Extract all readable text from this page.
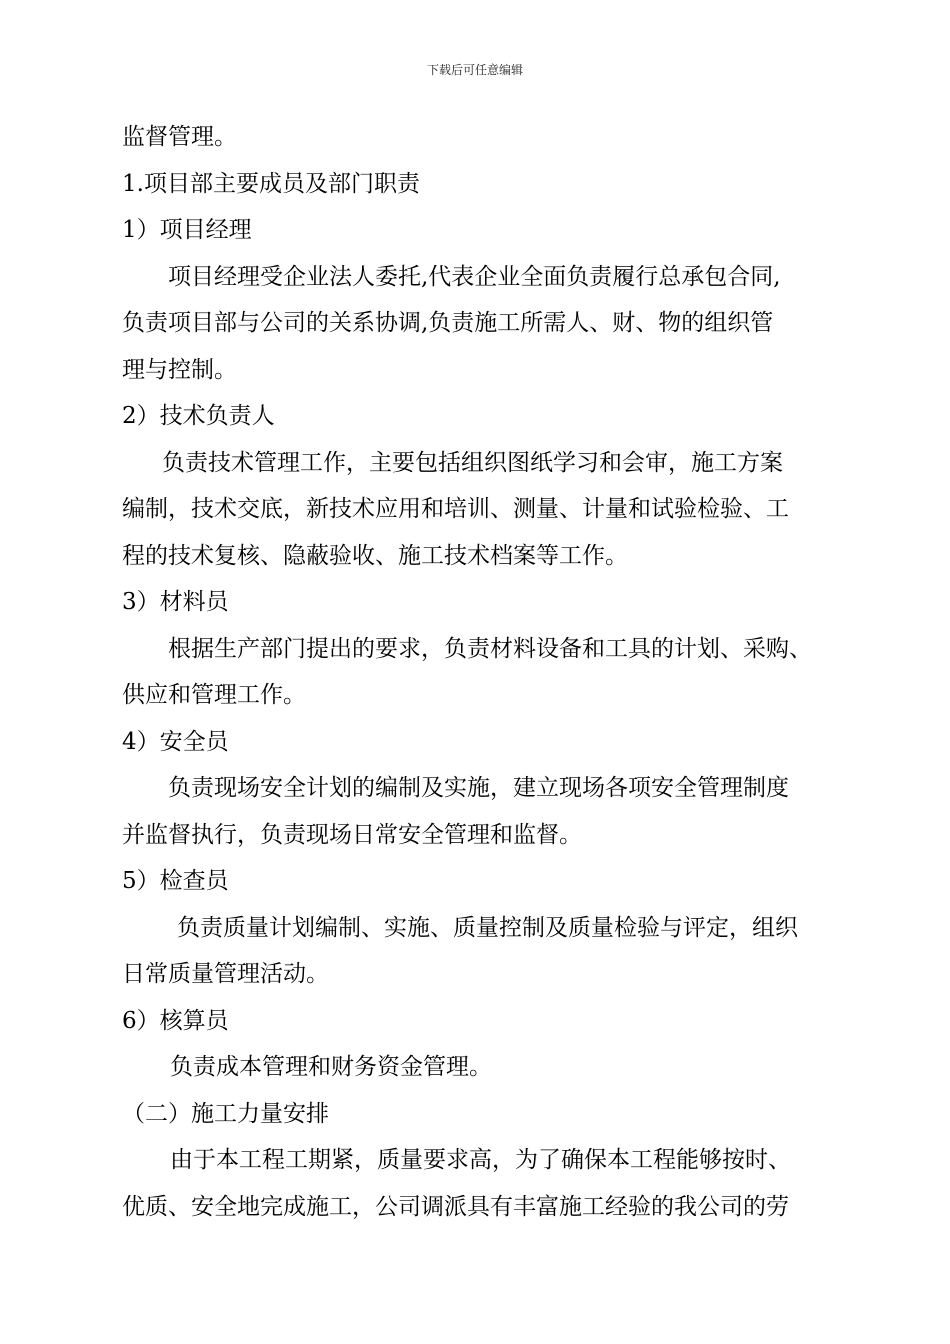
下载后可任意编辑
监督管理。
1.项目部主要成员及部门职责
1）项目经理
项目经理受企业法人委托,代表企业全面负责履行总承包合同,
负责项目部与公司的关系协调,负责施工所需人、财、物的组织管
理与控制。
2）技术负责人
负责技术管理工作，主要包括组织图纸学习和会审，施工方案
编制，技术交底，新技术应用和培训、测量、计量和试验检验、工
程的技术复核、隐蔽验收、施工技术档案等工作。
3）材料员
根据生产部门提出的要求，负责材料设备和工具的计划、采购、
供应和管理工作。
4）安全员
负责现场安全计划的编制及实施，建立现场各项安全管理制度
并监督执行，负责现场日常安全管理和监督。
5）检查员
负责质量计划编制、实施、质量控制及质量检验与评定，组织
日常质量管理活动。
6）核算员
负责成本管理和财务资金管理。
（二）施工力量安排
由于本工程工期紧，质量要求高，为了确保本工程能够按时、
优质、安全地完成施工，公司调派具有丰富施工经验的我公司的劳
